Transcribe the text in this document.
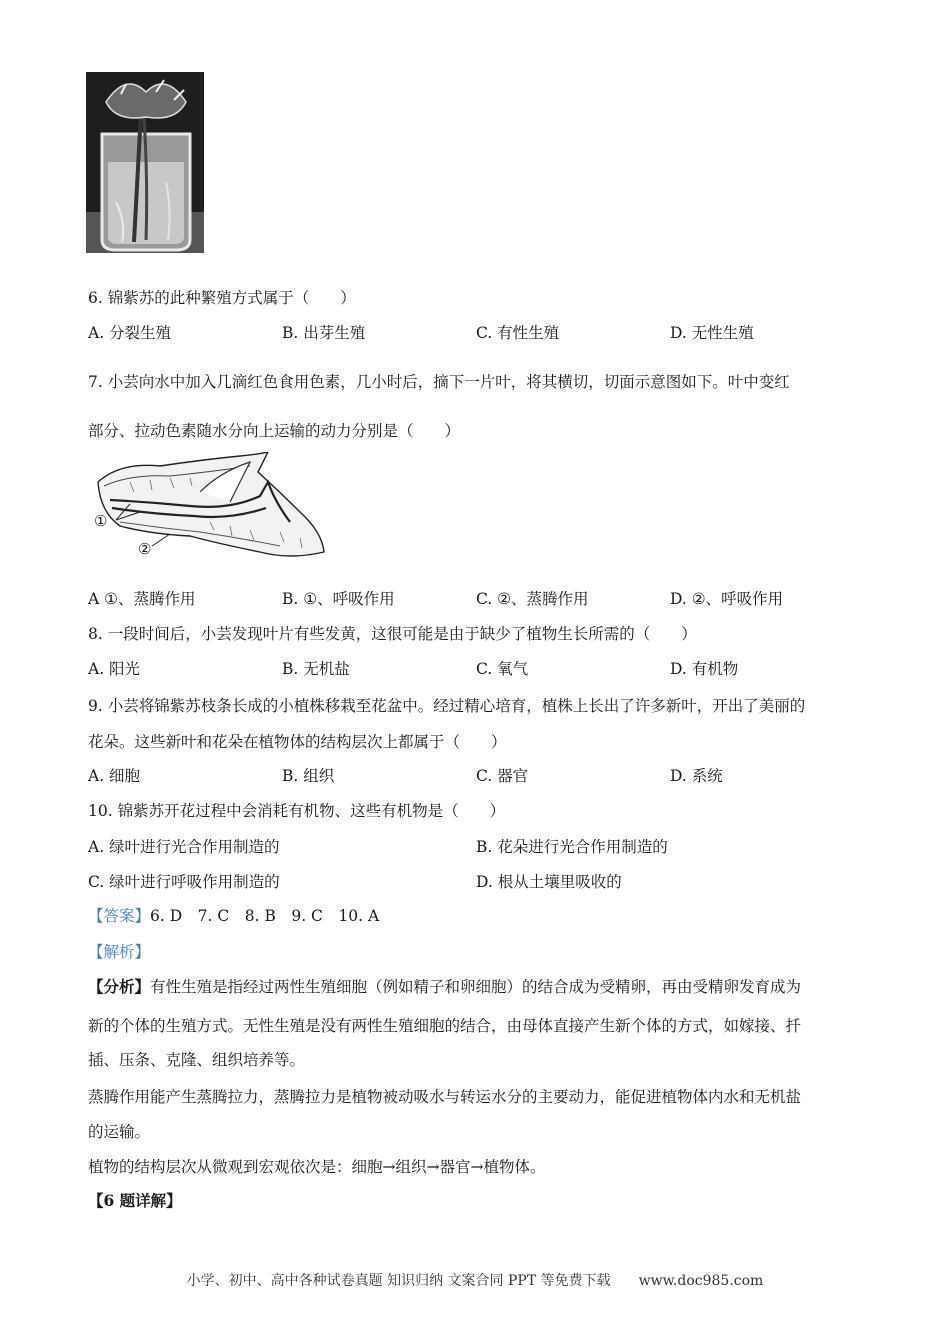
6. 锦紫苏的此种繁殖方式属于（　　）
A. 分裂生殖	B. 出芽生殖	C. 有性生殖	D. 无性生殖
7. 小芸向水中加入几滴红色食用色素，几小时后，摘下一片叶，将其横切，切面示意图如下。叶中变红
部分、拉动色素随水分向上运输的动力分别是（　　）
①
②
A ①、蒸腾作用	B. ①、呼吸作用	C. ②、蒸腾作用	D. ②、呼吸作用
8. 一段时间后，小芸发现叶片有些发黄，这很可能是由于缺少了植物生长所需的（　　）
A. 阳光	B. 无机盐	C. 氧气	D. 有机物
9. 小芸将锦紫苏枝条长成的小植株移栽至花盆中。经过精心培育，植株上长出了许多新叶，开出了美丽的
花朵。这些新叶和花朵在植物体的结构层次上都属于（　　）
A. 细胞	B. 组织	C. 器官	D. 系统
10. 锦紫苏开花过程中会消耗有机物、这些有机物是（　　）
A. 绿叶进行光合作用制造的	B. 花朵进行光合作用制造的
C. 绿叶进行呼吸作用制造的	D. 根从土壤里吸收的
【答案】6. D　7. C　8. B　9. C　10. A
【解析】
【分析】有性生殖是指经过两性生殖细胞（例如精子和卵细胞）的结合成为受精卵，再由受精卵发育成为
新的个体的生殖方式。无性生殖是没有两性生殖细胞的结合，由母体直接产生新个体的方式，如嫁接、扦
插、压条、克隆、组织培养等。
蒸腾作用能产生蒸腾拉力，蒸腾拉力是植物被动吸水与转运水分的主要动力，能促进植物体内水和无机盐
的运输。
植物的结构层次从微观到宏观依次是：细胞→组织→器官→植物体。
【6 题详解】
小学、初中、高中各种试卷真题 知识归纳 文案合同 PPT 等免费下载　　www.doc985.com
